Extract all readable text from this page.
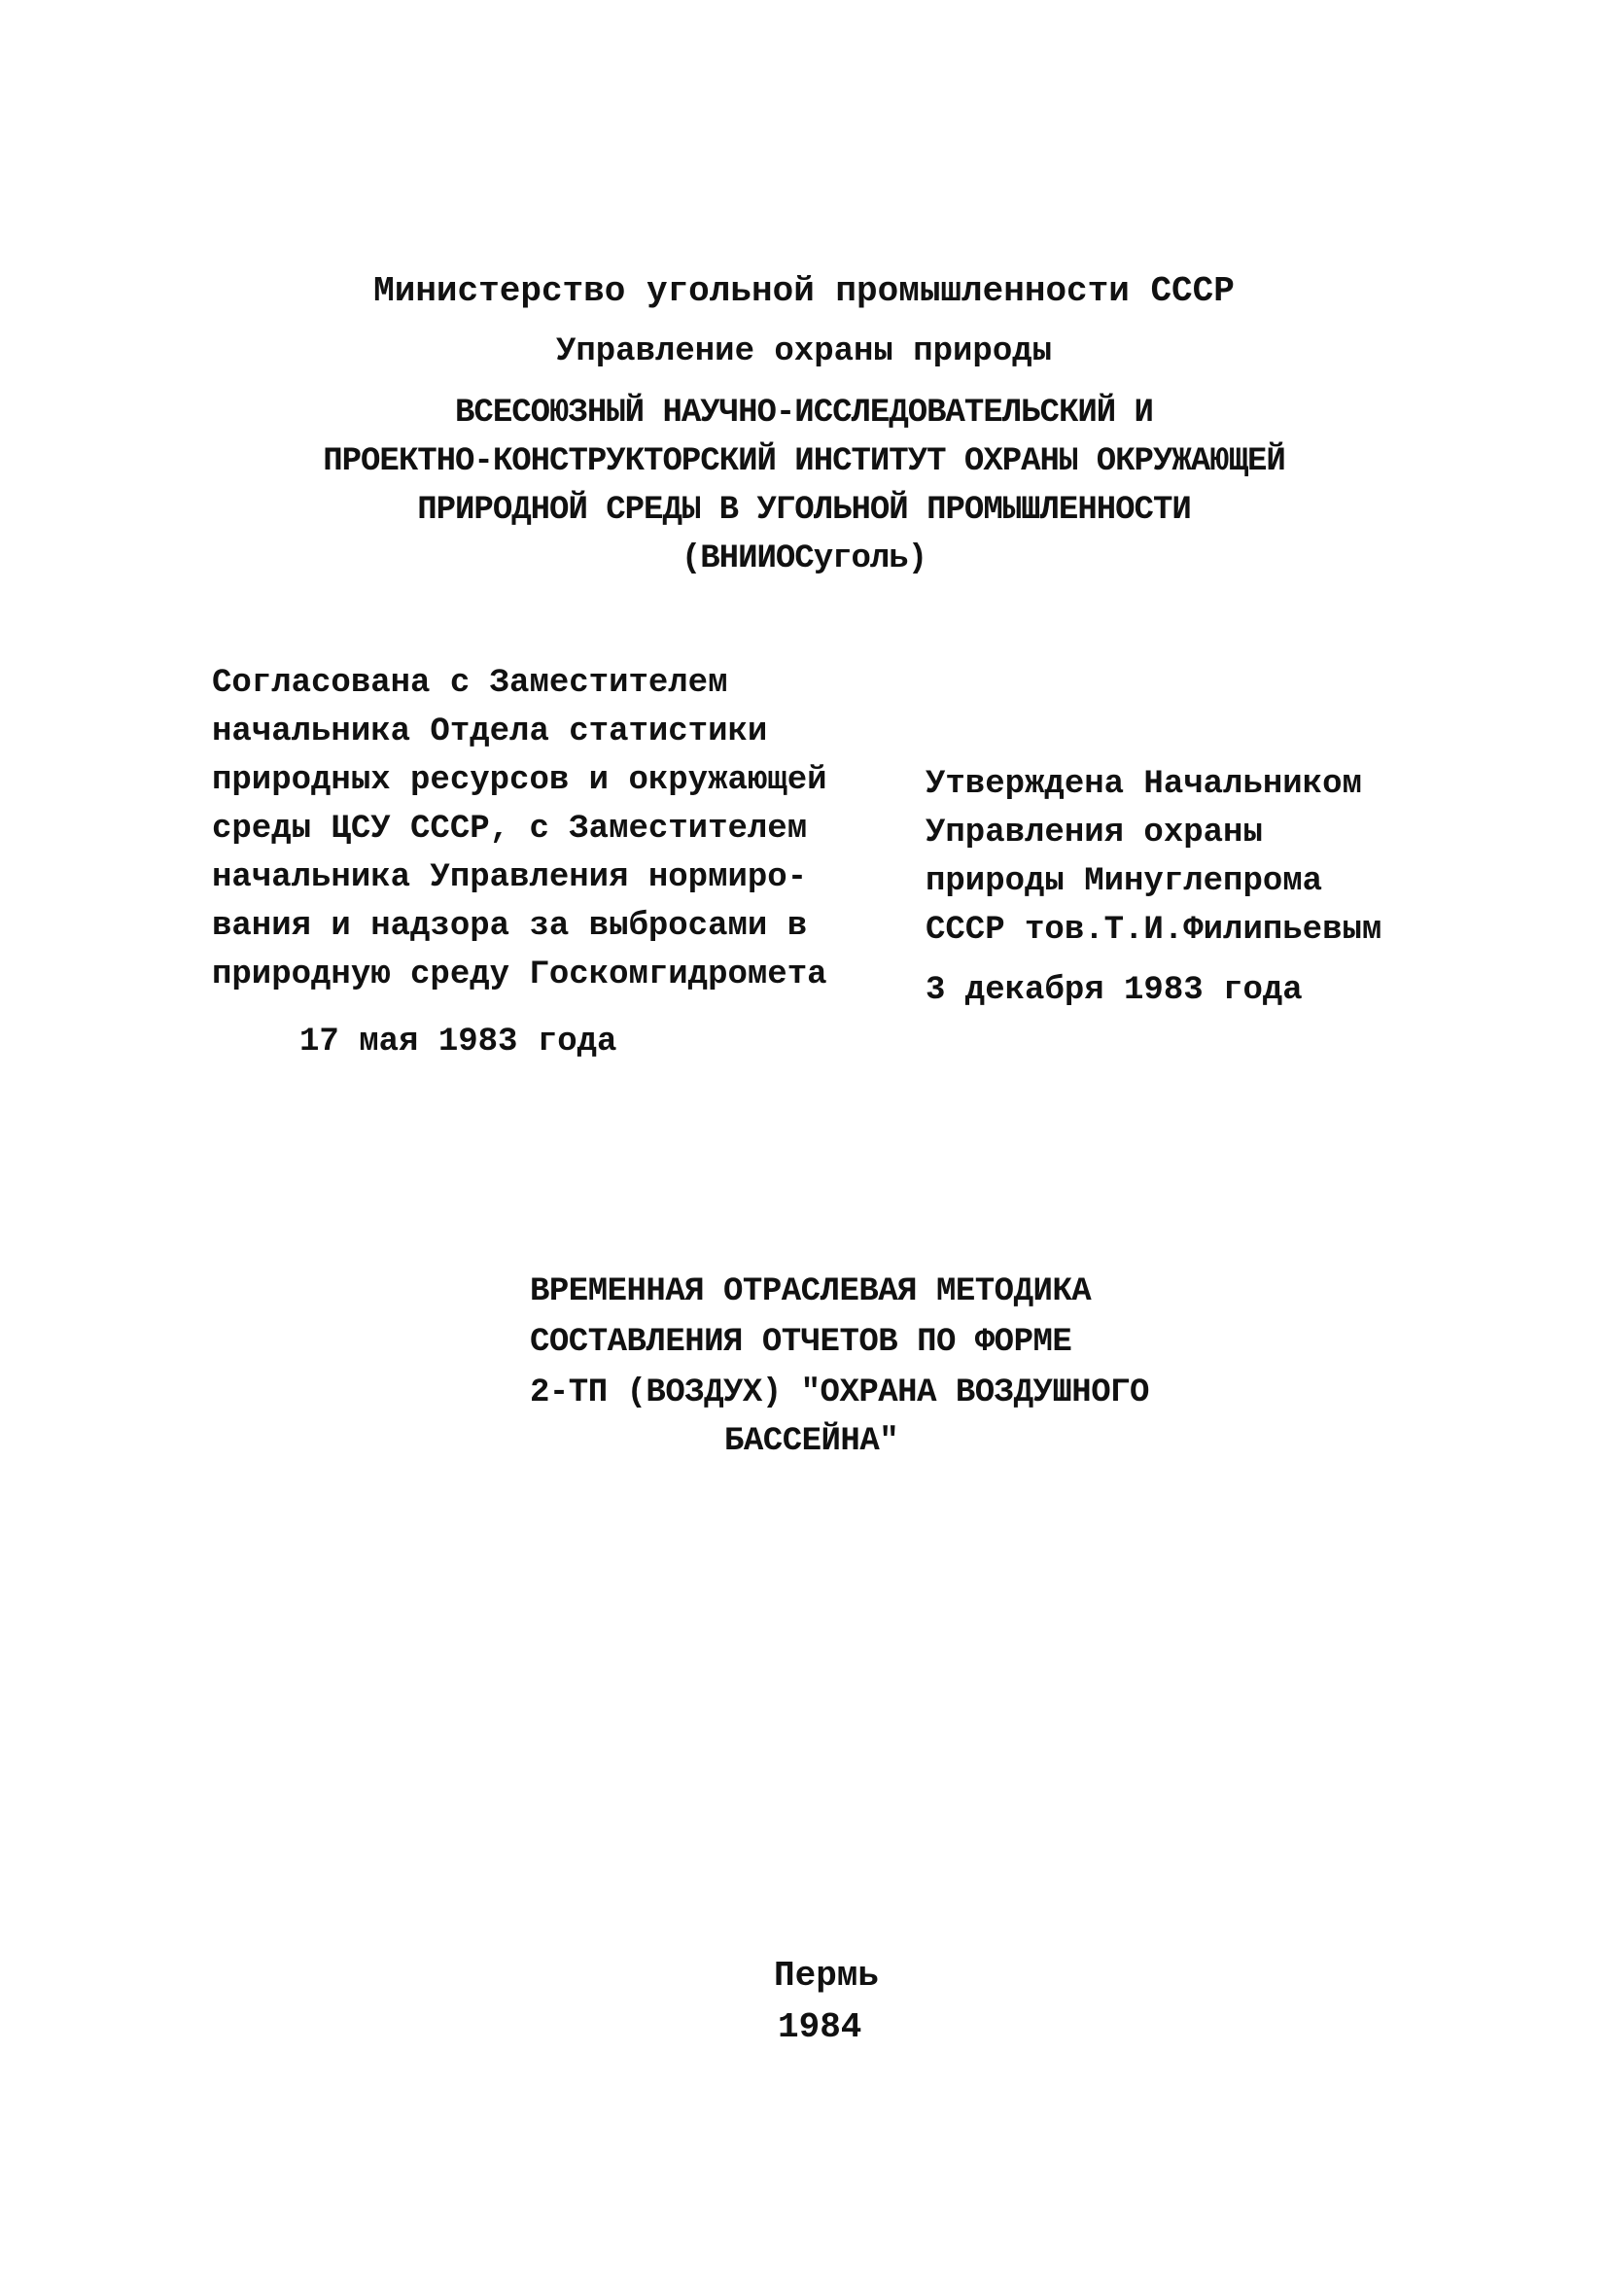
Министерство угольной промышленности СССР
Управление охраны природы
ВСЕСОЮЗНЫЙ НАУЧНО-ИССЛЕДОВАТЕЛЬСКИЙ И
ПРОЕКТНО-КОНСТРУКТОРСКИЙ ИНСТИТУТ ОХРАНЫ ОКРУЖАЮЩЕЙ
ПРИРОДНОЙ СРЕДЫ В УГОЛЬНОЙ ПРОМЫШЛЕННОСТИ
(ВНИИОСуголь)
Согласована с Заместителем
начальника Отдела статистики
природных ресурсов и окружающей
среды ЦСУ СССР, с Заместителем
начальника Управления нормиро-
вания и надзора за выбросами в
природную среду Госкомгидромета
17 мая 1983 года
Утверждена Начальником
Управления охраны
природы Минуглепрома
СССР тов.Т.И.Филипьевым
3 декабря 1983 года
ВРЕМЕННАЯ ОТРАСЛЕВАЯ МЕТОДИКА
СОСТАВЛЕНИЯ ОТЧЕТОВ ПО ФОРМЕ
2-ТП (ВОЗДУХ) "ОХРАНА ВОЗДУШНОГО
БАССЕЙНА"
Пермь
1984
